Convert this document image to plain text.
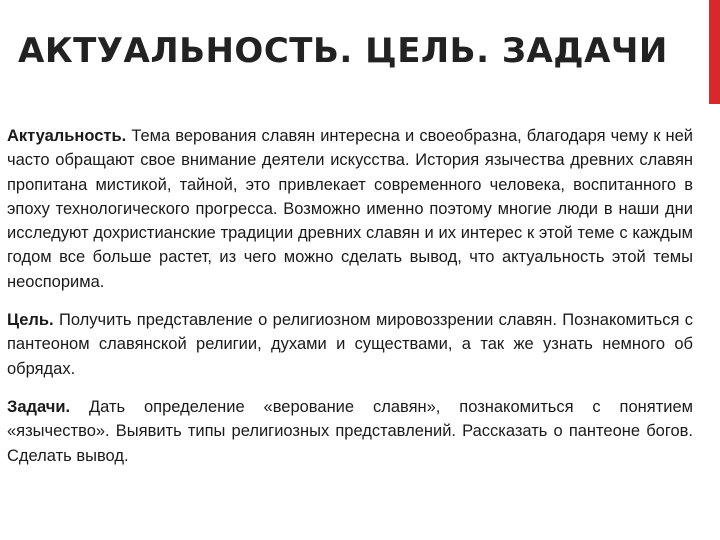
АКТУАЛЬНОСТЬ. ЦЕЛЬ. ЗАДАЧИ

Актуальность. Тема верования славян интересна и своеобразна, благодаря чему к ней часто обращают свое внимание деятели искусства. История язычества древних славян пропитана мистикой, тайной, это привлекает современного человека, воспитанного в эпоху технологического прогресса. Возможно именно поэтому многие люди в наши дни исследуют дохристианские традиции древних славян и их интерес к этой теме с каждым годом все больше растет, из чего можно сделать вывод, что актуальность этой темы неоспорима.

Цель. Получить представление о религиозном мировоззрении славян. Познакомиться с пантеоном славянской религии, духами и существами, а так же узнать немного об обрядах.

Задачи. Дать определение «верование славян», познакомиться с понятием «язычество». Выявить типы религиозных представлений. Рассказать о пантеоне богов. Сделать вывод.
